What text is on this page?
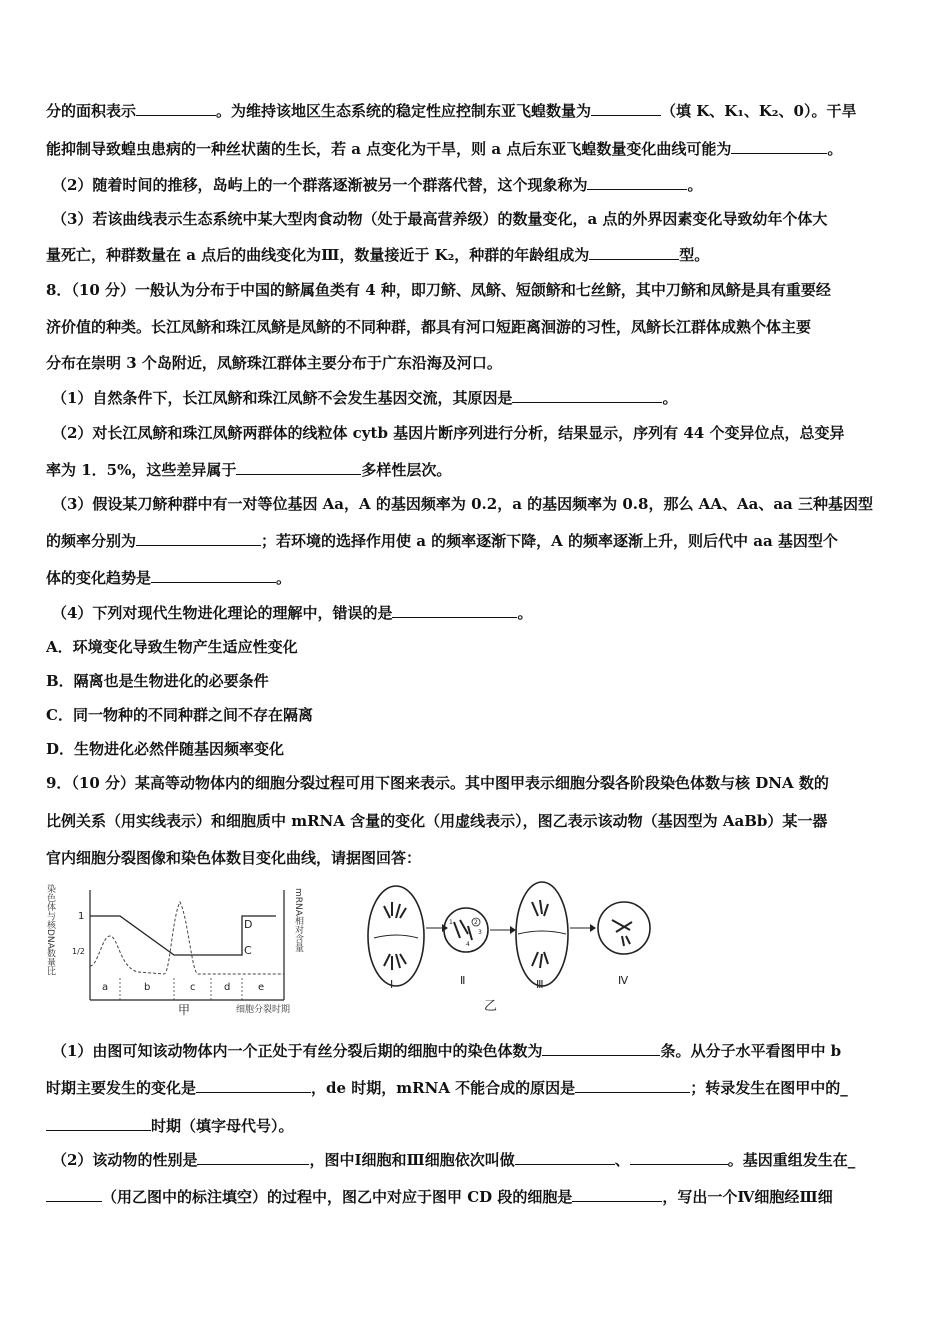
分的面积表示	。为维持该地区生态系统的稳定性应控制东亚飞蝗数量为	（填 K、K₁、K₂、0）。干旱
能抑制导致蝗虫患病的一种丝状菌的生长，若 a 点变化为干旱，则 a 点后东亚飞蝗数量变化曲线可能为	。
（2）随着时间的推移，岛屿上的一个群落逐渐被另一个群落代替，这个现象称为	。
（3）若该曲线表示生态系统中某大型肉食动物（处于最高营养级）的数量变化，a 点的外界因素变化导致幼年个体大
量死亡，种群数量在 a 点后的曲线变化为Ⅲ，数量接近于 K₂，种群的年龄组成为	型。
8．（10 分）一般认为分布于中国的鲚属鱼类有 4 种，即刀鲚、凤鲚、短颌鲚和七丝鲚，其中刀鲚和凤鲚是具有重要经
济价值的种类。长江凤鲚和珠江凤鲚是凤鲚的不同种群，都具有河口短距离洄游的习性，凤鲚长江群体成熟个体主要
分布在崇明 3 个岛附近，凤鲚珠江群体主要分布于广东沿海及河口。
（1）自然条件下，长江凤鲚和珠江凤鲚不会发生基因交流，其原因是	。
（2）对长江凤鲚和珠江凤鲚两群体的线粒体 cytb 基因片断序列进行分析，结果显示，序列有 44 个变异位点，总变异
率为 1．5%，这些差异属于	多样性层次。
（3）假设某刀鲚种群中有一对等位基因 Aa，A 的基因频率为 0.2，a 的基因频率为 0.8，那么 AA、Aa、aa 三种基因型
的频率分别为	；若环境的选择作用使 a 的频率逐渐下降，A 的频率逐渐上升，则后代中 aa 基因型个
体的变化趋势是	。
（4）下列对现代生物进化理论的理解中，错误的是	。
A．环境变化导致生物产生适应性变化
B．隔离也是生物进化的必要条件
C．同一物种的不同种群之间不存在隔离
D．生物进化必然伴随基因频率变化
9．（10 分）某高等动物体内的细胞分裂过程可用下图来表示。其中图甲表示细胞分裂各阶段染色体数与核 DNA 数的
比例关系（用实线表示）和细胞质中 mRNA 含量的变化（用虚线表示），图乙表示该动物（基因型为 AaBb）某一器
官内细胞分裂图像和染色体数目变化曲线，请据图回答：
染色体与核DNA数量比 1
1/2
D
C	mRNA相对含量
a	b	c	d	e
甲	细胞分裂时期
Ⅰ
1	2
3
4
Ⅱ	Ⅲ	Ⅳ
乙
（1）由图可知该动物体内一个正处于有丝分裂后期的细胞中的染色体数为	条。从分子水平看图甲中 b
时期主要发生的变化是	，de 时期，mRNA 不能合成的原因是	；转录发生在图甲中的_
时期（填字母代号）。
（2）该动物的性别是	，图中Ⅰ细胞和Ⅲ细胞依次叫做	、	。基因重组发生在_
（用乙图中的标注填空）的过程中，图乙中对应于图甲 CD 段的细胞是	，写出一个Ⅳ细胞经Ⅲ细
